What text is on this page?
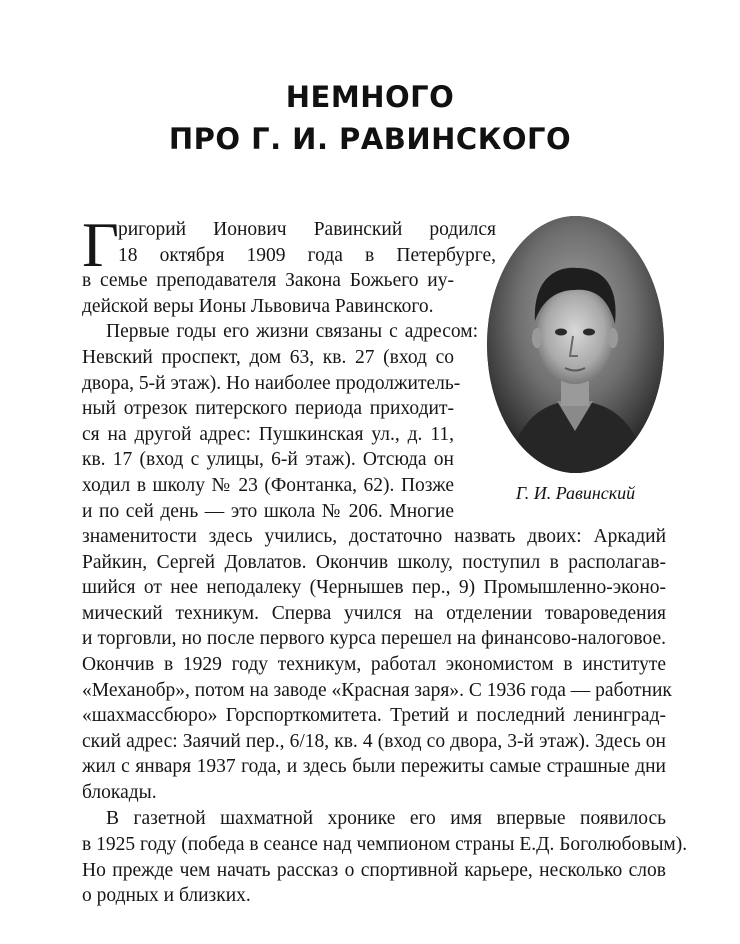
НЕМНОГО
ПРО Г. И. РАВИНСКОГО
Г
Г. И. Равинский
ригорий Ионович Равинский родился
18 октября 1909 года в Петербурге,
в семье преподавателя Закона Божьего иу-
дейской веры Ионы Львовича Равинского.
Первые годы его жизни связаны с адресом:
Невский проспект, дом 63, кв. 27 (вход со
двора, 5-й этаж). Но наиболее продолжитель-
ный отрезок питерского периода приходит-
ся на другой адрес: Пушкинская ул., д. 11,
кв. 17 (вход с улицы, 6-й этаж). Отсюда он
ходил в школу № 23 (Фонтанка, 62). Позже
и по сей день — это школа № 206. Многие
знаменитости здесь учились, достаточно назвать двоих: Аркадий
Райкин, Сергей Довлатов. Окончив школу, поступил в располагав-
шийся от нее неподалеку (Чернышев пер., 9) Промышленно-эконо-
мический техникум. Сперва учился на отделении товароведения
и торговли, но после первого курса перешел на финансово-налоговое.
Окончив в 1929 году техникум, работал экономистом в институте
«Механобр», потом на заводе «Красная заря». С 1936 года — работник
«шахмассбюро» Горспорткомитета. Третий и последний ленинград-
ский адрес: Заячий пер., 6/18, кв. 4 (вход со двора, 3-й этаж). Здесь он
жил с января 1937 года, и здесь были пережиты самые страшные дни
блокады.
В газетной шахматной хронике его имя впервые появилось
в 1925 году (победа в сеансе над чемпионом страны Е.Д. Боголюбовым).
Но прежде чем начать рассказ о спортивной карьере, несколько слов
о родных и близких.
